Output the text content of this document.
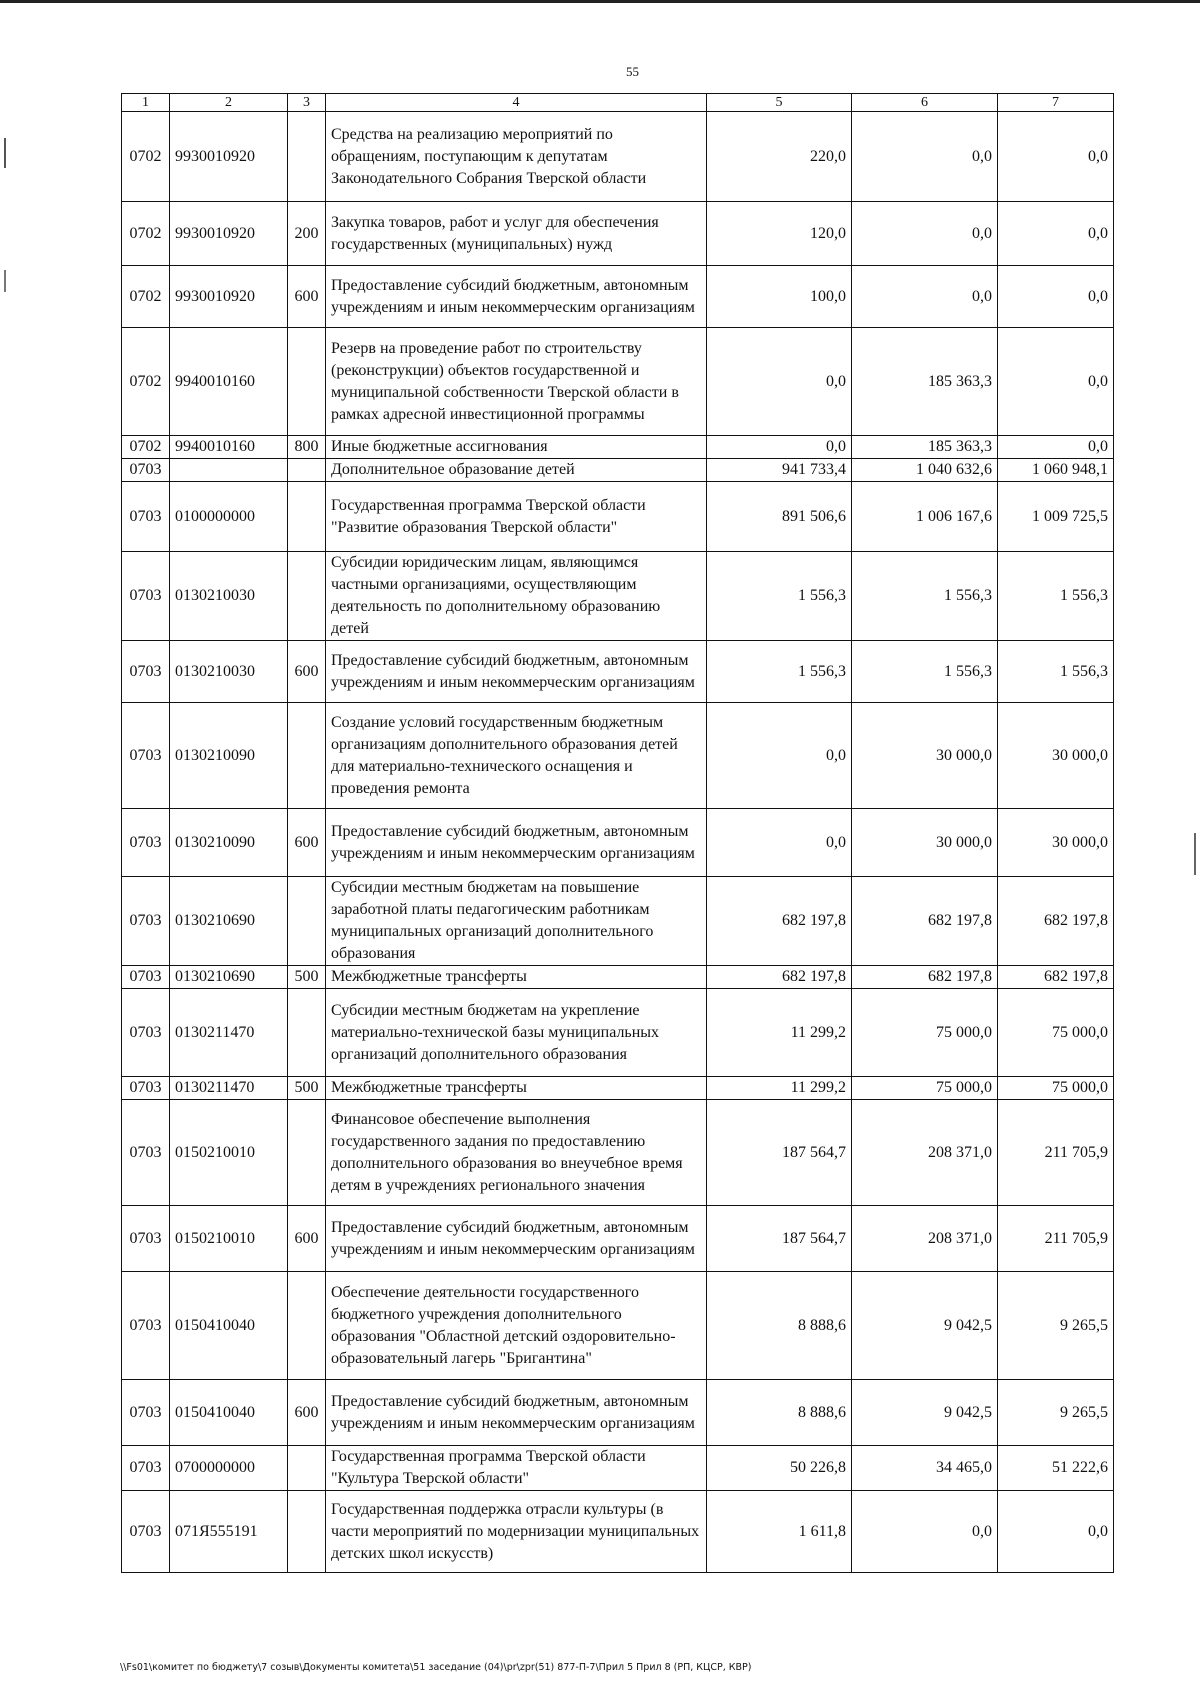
55
1	2	3	4	5	6	7
0702	9930010920		Средства на реализацию мероприятий по обращениям, поступающим к депутатам Законодательного Собрания Тверской области	220,0	0,0	0,0
0702	9930010920	200	Закупка товаров, работ и услуг для обеспечения государственных (муниципальных) нужд	120,0	0,0	0,0
0702	9930010920	600	Предоставление субсидий бюджетным, автономным учреждениям и иным некоммерческим организациям	100,0	0,0	0,0
0702	9940010160		Резерв на проведение работ по строительству (реконструкции) объектов государственной и муниципальной собственности Тверской области в рамках адресной инвестиционной программы	0,0	185 363,3	0,0
0702	9940010160	800	Иные бюджетные ассигнования	0,0	185 363,3	0,0
0703			Дополнительное образование детей	941 733,4	1 040 632,6	1 060 948,1
0703	0100000000		Государственная программа Тверской области "Развитие образования Тверской области"	891 506,6	1 006 167,6	1 009 725,5
0703	0130210030		Субсидии юридическим лицам, являющимся частными организациями, осуществляющим деятельность по дополнительному образованию детей	1 556,3	1 556,3	1 556,3
0703	0130210030	600	Предоставление субсидий бюджетным, автономным учреждениям и иным некоммерческим организациям	1 556,3	1 556,3	1 556,3
0703	0130210090		Создание условий государственным бюджетным организациям дополнительного образования детей для материально-технического оснащения и проведения ремонта	0,0	30 000,0	30 000,0
0703	0130210090	600	Предоставление субсидий бюджетным, автономным учреждениям и иным некоммерческим организациям	0,0	30 000,0	30 000,0
0703	0130210690		Субсидии местным бюджетам на повышение заработной платы педагогическим работникам муниципальных организаций дополнительного образования	682 197,8	682 197,8	682 197,8
0703	0130210690	500	Межбюджетные трансферты	682 197,8	682 197,8	682 197,8
0703	0130211470		Субсидии местным бюджетам на укрепление материально-технической базы муниципальных организаций дополнительного образования	11 299,2	75 000,0	75 000,0
0703	0130211470	500	Межбюджетные трансферты	11 299,2	75 000,0	75 000,0
0703	0150210010		Финансовое обеспечение выполнения государственного задания по предоставлению дополнительного образования во внеучебное время детям в учреждениях регионального значения	187 564,7	208 371,0	211 705,9
0703	0150210010	600	Предоставление субсидий бюджетным, автономным учреждениям и иным некоммерческим организациям	187 564,7	208 371,0	211 705,9
0703	0150410040		Обеспечение деятельности государственного бюджетного учреждения дополнительного образования "Областной детский оздоровительно-образовательный лагерь "Бригантина"	8 888,6	9 042,5	9 265,5
0703	0150410040	600	Предоставление субсидий бюджетным, автономным учреждениям и иным некоммерческим организациям	8 888,6	9 042,5	9 265,5
0703	0700000000		Государственная программа Тверской области "Культура Тверской области"	50 226,8	34 465,0	51 222,6
0703	071Я555191		Государственная поддержка отрасли культуры (в части мероприятий по модернизации муниципальных детских школ искусств)	1 611,8	0,0	0,0
\\Fs01\комитет по бюджету\7 созыв\Документы комитета\51 заседание (04)\pr\zpr(51) 877-П-7\Прил 5 Прил 8 (РП, КЦСР, КВР)
